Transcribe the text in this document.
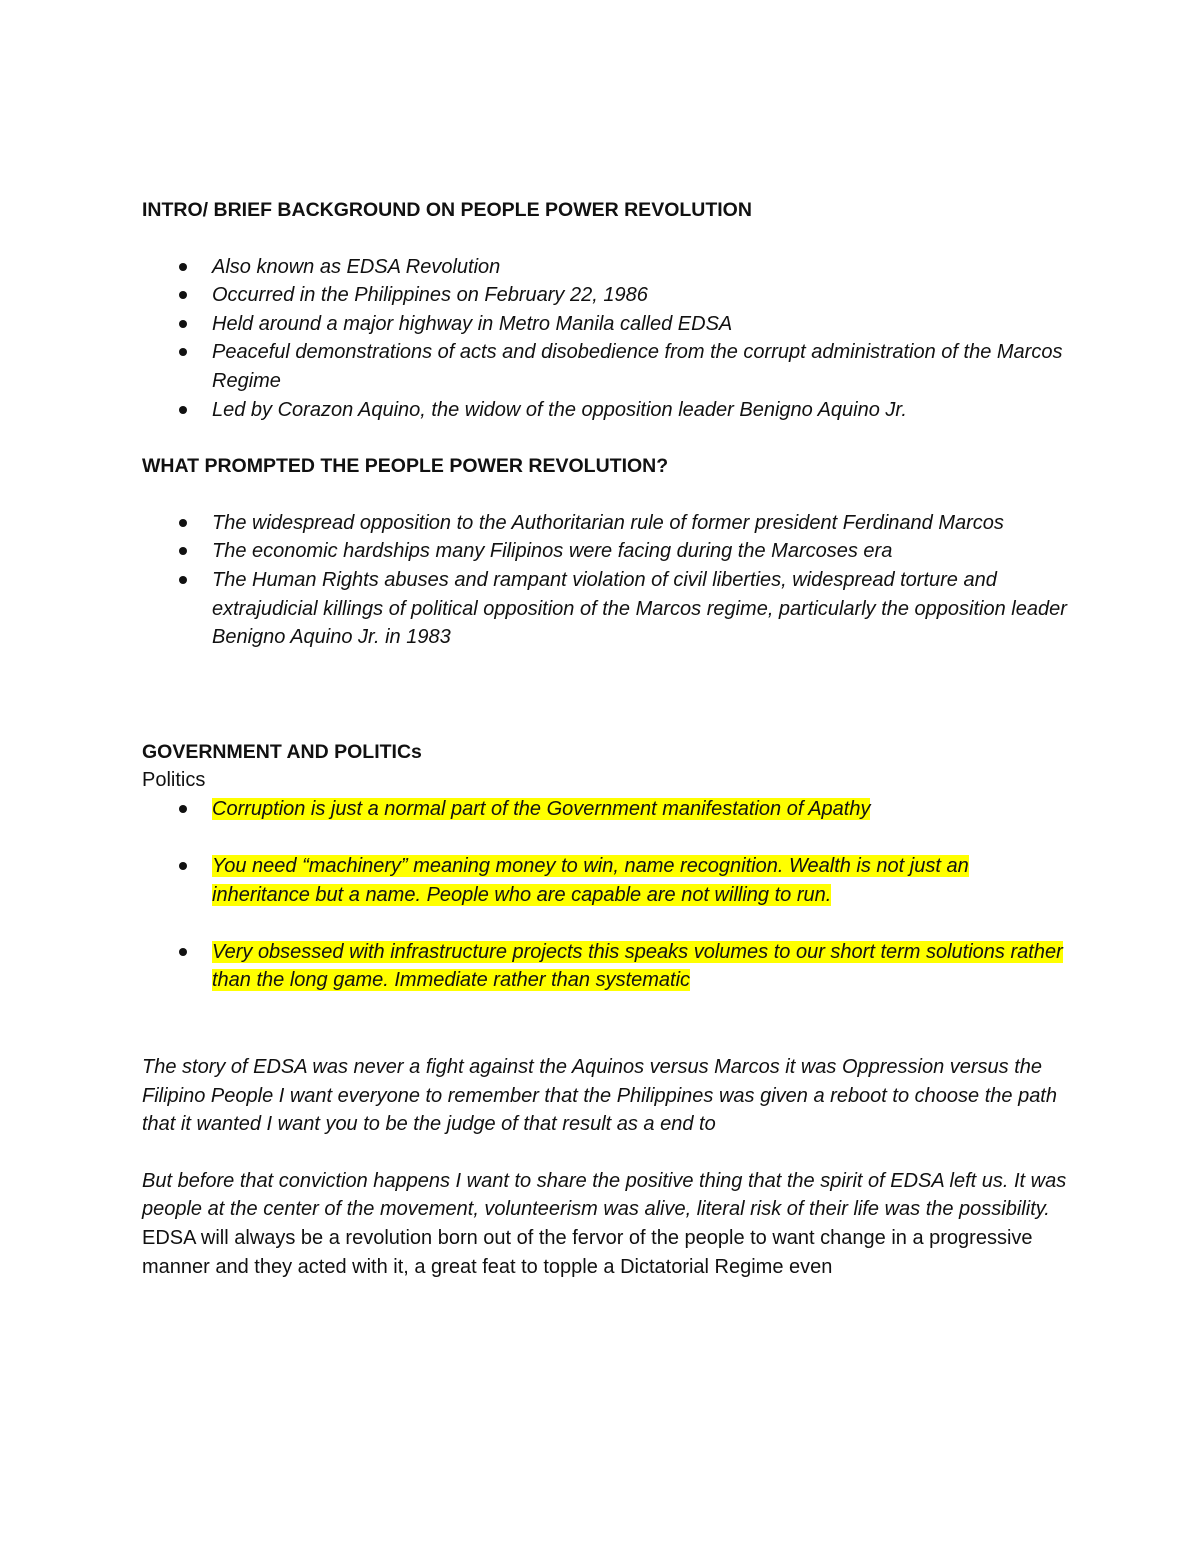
INTRO/ BRIEF BACKGROUND ON PEOPLE POWER REVOLUTION
Also known as EDSA Revolution
Occurred in the Philippines on February 22, 1986
Held around a major highway in Metro Manila called EDSA
Peaceful demonstrations of acts and disobedience from the corrupt administration of the Marcos Regime
Led by Corazon Aquino, the widow of the opposition leader Benigno Aquino Jr.
WHAT PROMPTED THE PEOPLE POWER REVOLUTION?
The widespread opposition to the Authoritarian rule of former president Ferdinand Marcos
The economic hardships many Filipinos were facing during the Marcoses era
The Human Rights abuses and rampant violation of civil liberties, widespread torture and extrajudicial killings of political opposition of the Marcos regime, particularly the opposition leader Benigno Aquino Jr. in 1983
GOVERNMENT AND POLITICs

Politics

Corruption is just a normal part of the Government manifestation of Apathy
You need “machinery” meaning money to win, name recognition. Wealth is not just an inheritance but a name. People who are capable are not willing to run.
Very obsessed with infrastructure projects this speaks volumes to our short term solutions rather than the long game. Immediate rather than systematic

The story of EDSA was never a fight against the Aquinos versus Marcos it was Oppression versus the Filipino People I want everyone to remember that the Philippines was given a reboot to choose the path that it wanted I want you to be the judge of that result as a end to

But before that conviction happens I want to share the positive thing that the spirit of EDSA left us. It was people at the center of the movement, volunteerism was alive, literal risk of their life was the possibility.

EDSA will always be a revolution born out of the fervor of the people to want change in a progressive manner and they acted with it, a great feat to topple a Dictatorial Regime even
